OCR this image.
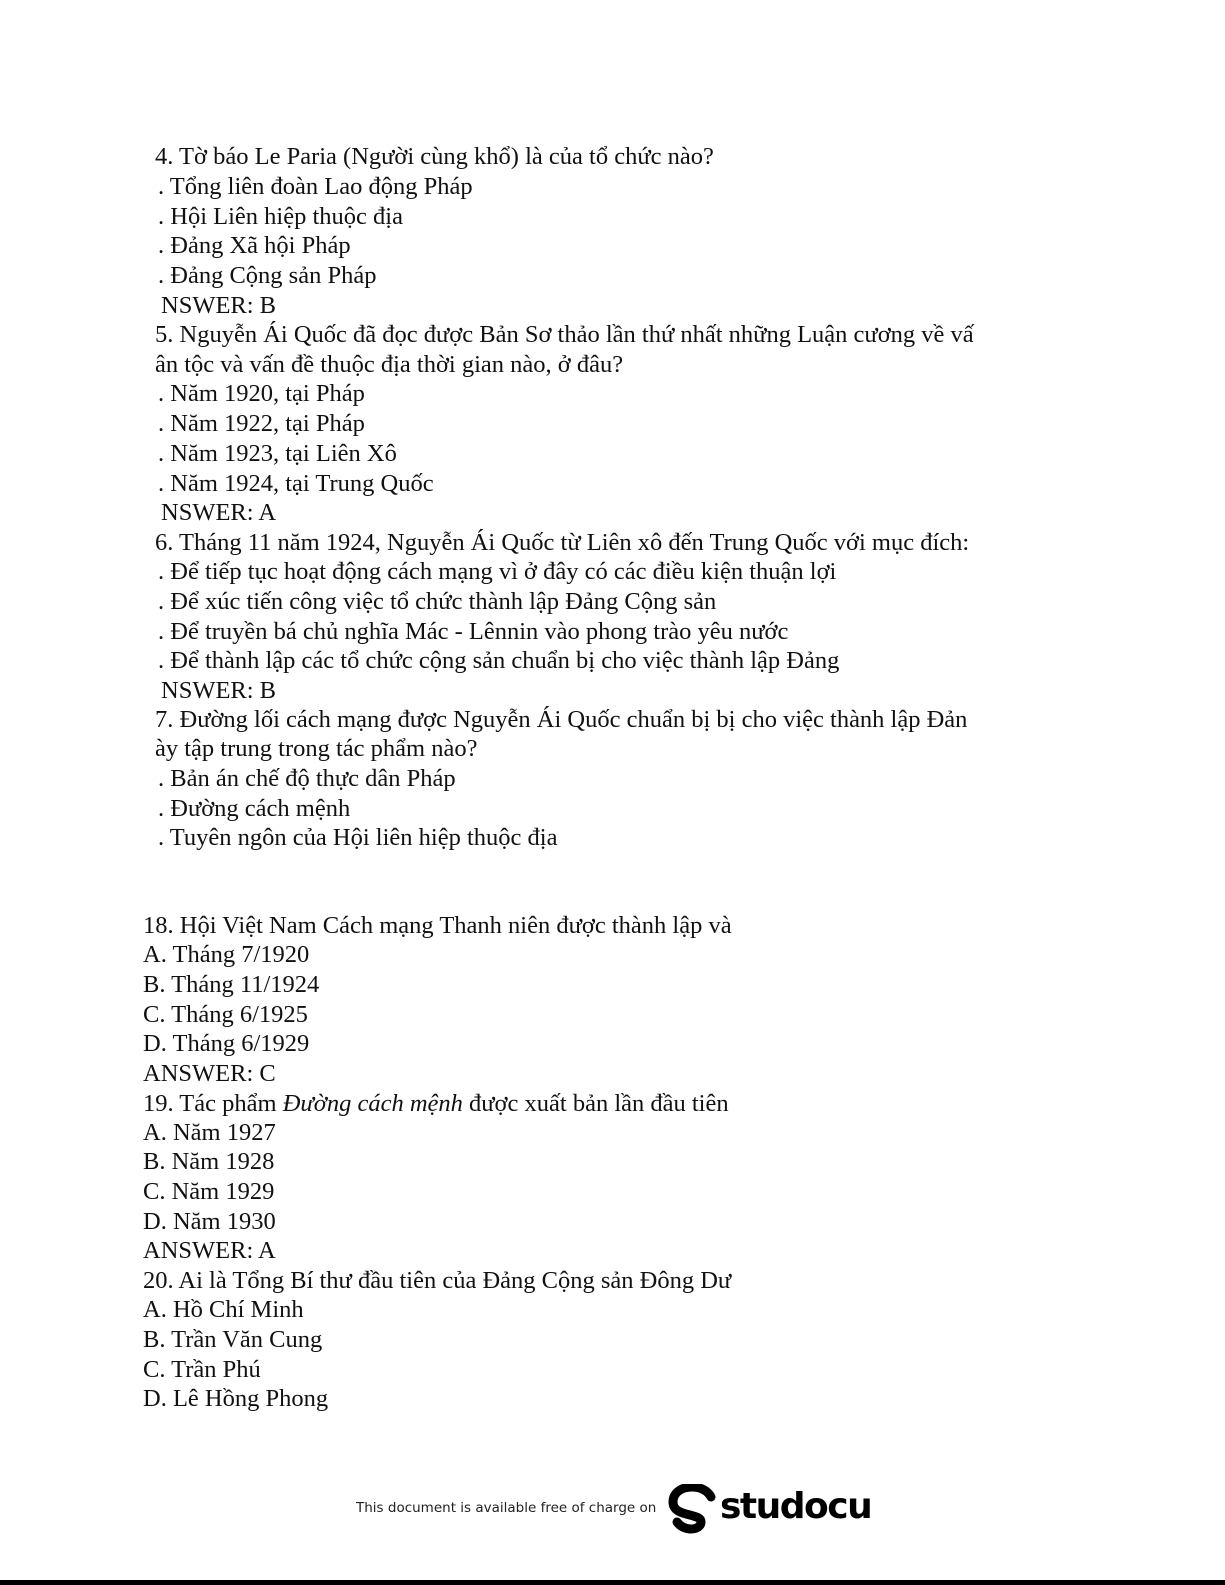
4. Tờ báo Le Paria (Người cùng khổ) là của tổ chức nào?
. Tổng liên đoàn Lao động Pháp
. Hội Liên hiệp thuộc địa
. Đảng Xã hội Pháp
. Đảng Cộng sản Pháp
NSWER: B
5. Nguyễn Ái Quốc đã đọc được Bản Sơ thảo lần thứ nhất những Luận cương về vấ
ân tộc và vấn đề thuộc địa thời gian nào, ở đâu?
. Năm 1920, tại Pháp
. Năm 1922, tại Pháp
. Năm 1923, tại Liên Xô
. Năm 1924, tại Trung Quốc
NSWER: A
6. Tháng 11 năm 1924, Nguyễn Ái Quốc từ Liên xô đến Trung Quốc với mục đích:
. Để tiếp tục hoạt động cách mạng vì ở đây có các điều kiện thuận lợi
. Để xúc tiến công việc tổ chức thành lập Đảng Cộng sản
. Để truyền bá chủ nghĩa Mác - Lênnin vào phong trào yêu nước
. Để thành lập các tổ chức cộng sản chuẩn bị cho việc thành lập Đảng
NSWER: B
7. Đường lối cách mạng được Nguyễn Ái Quốc chuẩn bị bị cho việc thành lập Đản
ày tập trung trong tác phẩm nào?
. Bản án chế độ thực dân Pháp
. Đường cách mệnh
. Tuyên ngôn của Hội liên hiệp thuộc địa
18. Hội Việt Nam Cách mạng Thanh niên được thành lập và
A. Tháng 7/1920
B. Tháng 11/1924
C. Tháng 6/1925
D. Tháng 6/1929
ANSWER: C
19. Tác phẩm Đường cách mệnh được xuất bản lần đầu tiên
A. Năm 1927
B. Năm 1928
C. Năm 1929
D. Năm 1930
ANSWER: A
20. Ai là Tổng Bí thư đầu tiên của Đảng Cộng sản Đông Dư
A. Hồ Chí Minh
B. Trần Văn Cung
C. Trần Phú
D. Lê Hồng Phong
This document is available free of charge on studocu
